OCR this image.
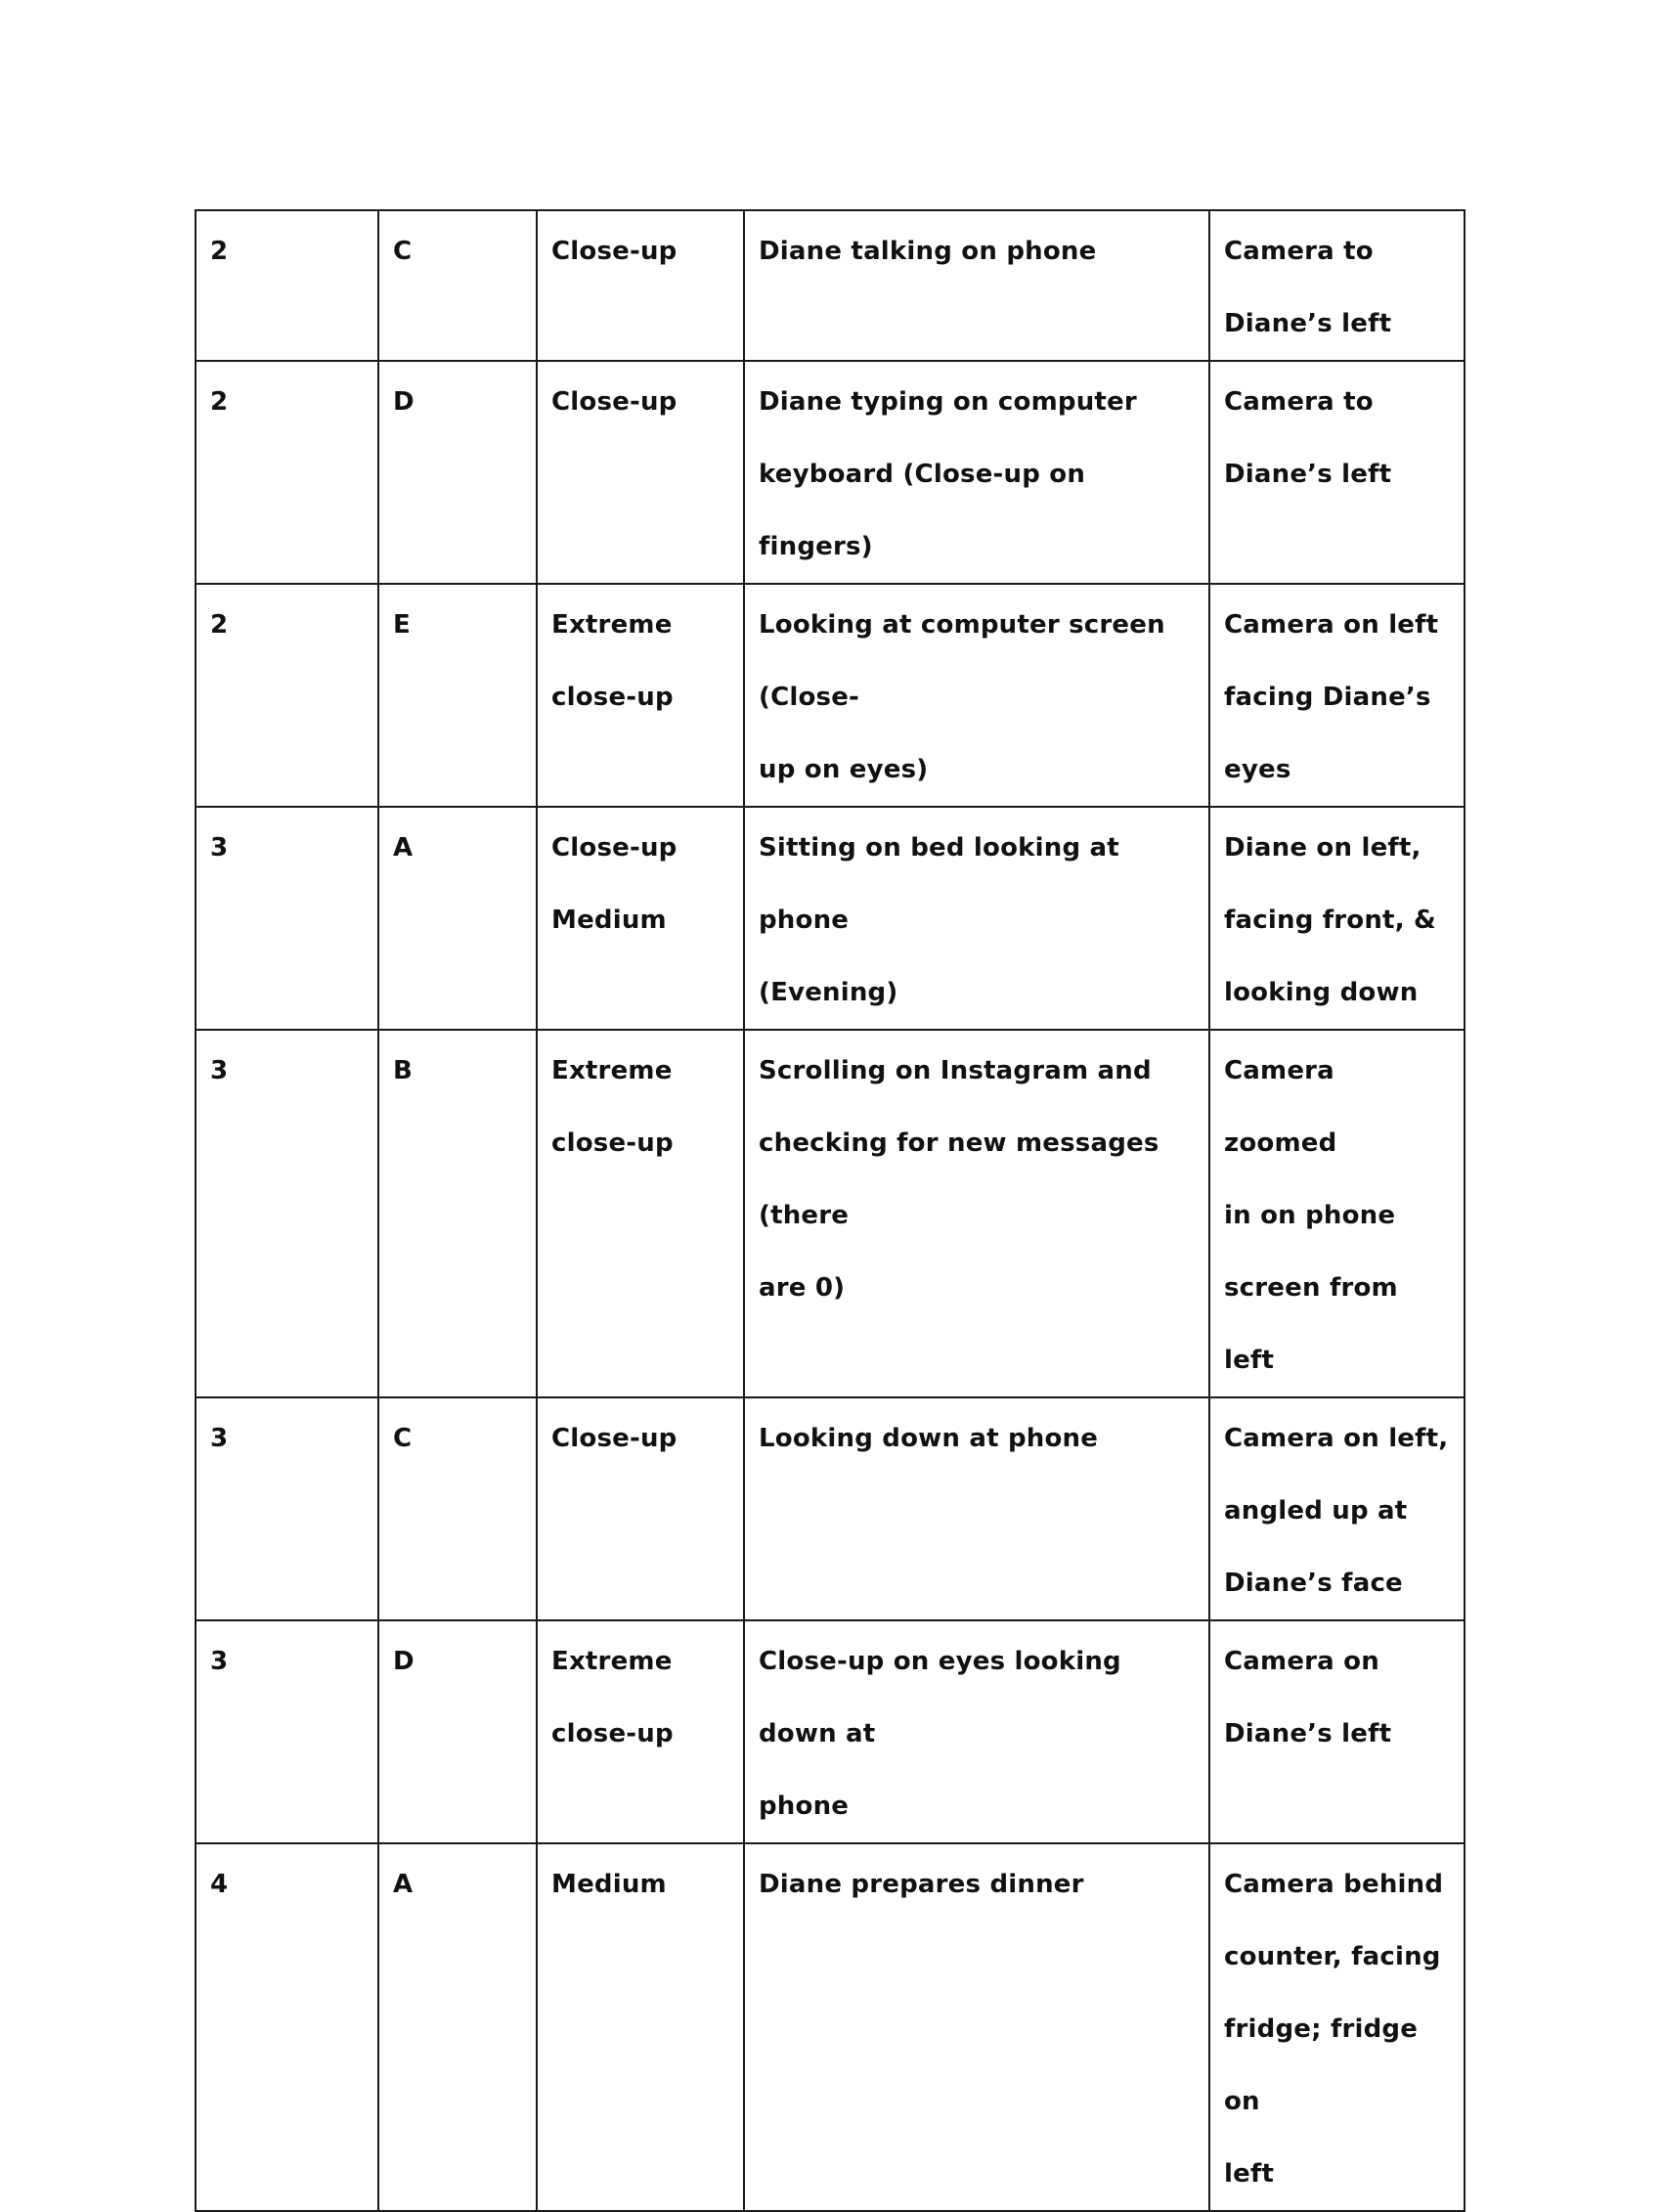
2	C	Close-up	Diane talking on phone	Camera to
Diane’s left

2	D	Close-up	Diane typing on computer
keyboard (Close-up on fingers)	Camera to
Diane’s left

2	E	Extreme
close-up	Looking at computer screen (Close-
up on eyes)	Camera on left
facing Diane’s
eyes

3	A	Close-up
Medium	Sitting on bed looking at phone
(Evening)	Diane on left,
facing front, &
looking down

3	B	Extreme
close-up	Scrolling on Instagram and
checking for new messages (there
are 0)	Camera zoomed
in on phone
screen from left

3	C	Close-up	Looking down at phone	Camera on left,
angled up at
Diane’s face

3	D	Extreme
close-up	Close-up on eyes looking down at
phone	Camera on
Diane’s left

4	A	Medium	Diane prepares dinner	Camera behind
counter, facing
fridge; fridge on
left
